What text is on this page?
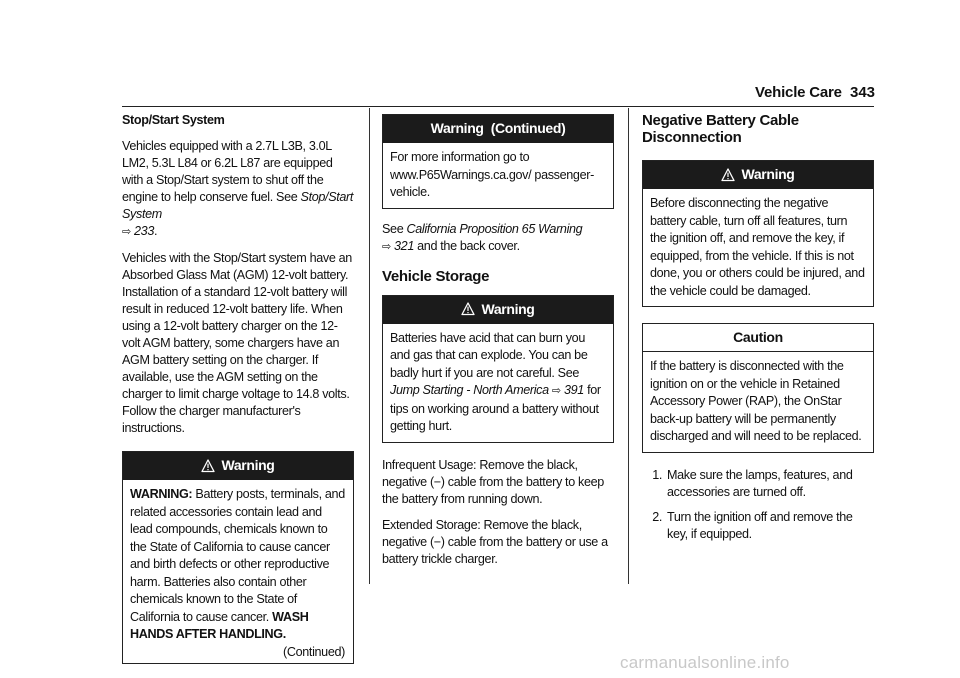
Vehicle Care 343
Stop/Start System

Vehicles equipped with a 2.7L L3B, 3.0L LM2, 5.3L L84 or 6.2L L87 are equipped with a Stop/Start system to shut off the engine to help conserve fuel. See Stop/Start System
⇨ 233.

Vehicles with the Stop/Start system have an Absorbed Glass Mat (AGM) 12-volt battery. Installation of a standard 12-volt battery will result in reduced 12-volt battery life. When using a 12-volt battery charger on the 12-volt AGM battery, some chargers have an AGM battery setting on the charger. If available, use the AGM setting on the charger to limit charge voltage to 14.8 volts. Follow the charger manufacturer's instructions.

Warning
WARNING: Battery posts, terminals, and related accessories contain lead and lead compounds, chemicals known to the State of California to cause cancer and birth defects or other reproductive harm. Batteries also contain other chemicals known to the State of California to cause cancer. WASH HANDS AFTER HANDLING.
(Continued)
Warning  (Continued)
For more information go to www.P65Warnings.ca.gov/ passenger-vehicle.

See California Proposition 65 Warning ⇨ 321 and the back cover.

Vehicle Storage
Warning
Batteries have acid that can burn you and gas that can explode. You can be badly hurt if you are not careful. See Jump Starting - North America ⇨ 391 for tips on working around a battery without getting hurt.

Infrequent Usage: Remove the black, negative (−) cable from the battery to keep the battery from running down.

Extended Storage: Remove the black, negative (−) cable from the battery or use a battery trickle charger.

Negative Battery Cable Disconnection
Warning
Before disconnecting the negative battery cable, turn off all features, turn the ignition off, and remove the key, if equipped, from the vehicle. If this is not done, you or others could be injured, and the vehicle could be damaged.
Caution
If the battery is disconnected with the ignition on or the vehicle in Retained Accessory Power (RAP), the OnStar back-up battery will be permanently discharged and will need to be replaced.
1. Make sure the lamps, features, and accessories are turned off.
2. Turn the ignition off and remove the key, if equipped.
carmanualsonline.info
